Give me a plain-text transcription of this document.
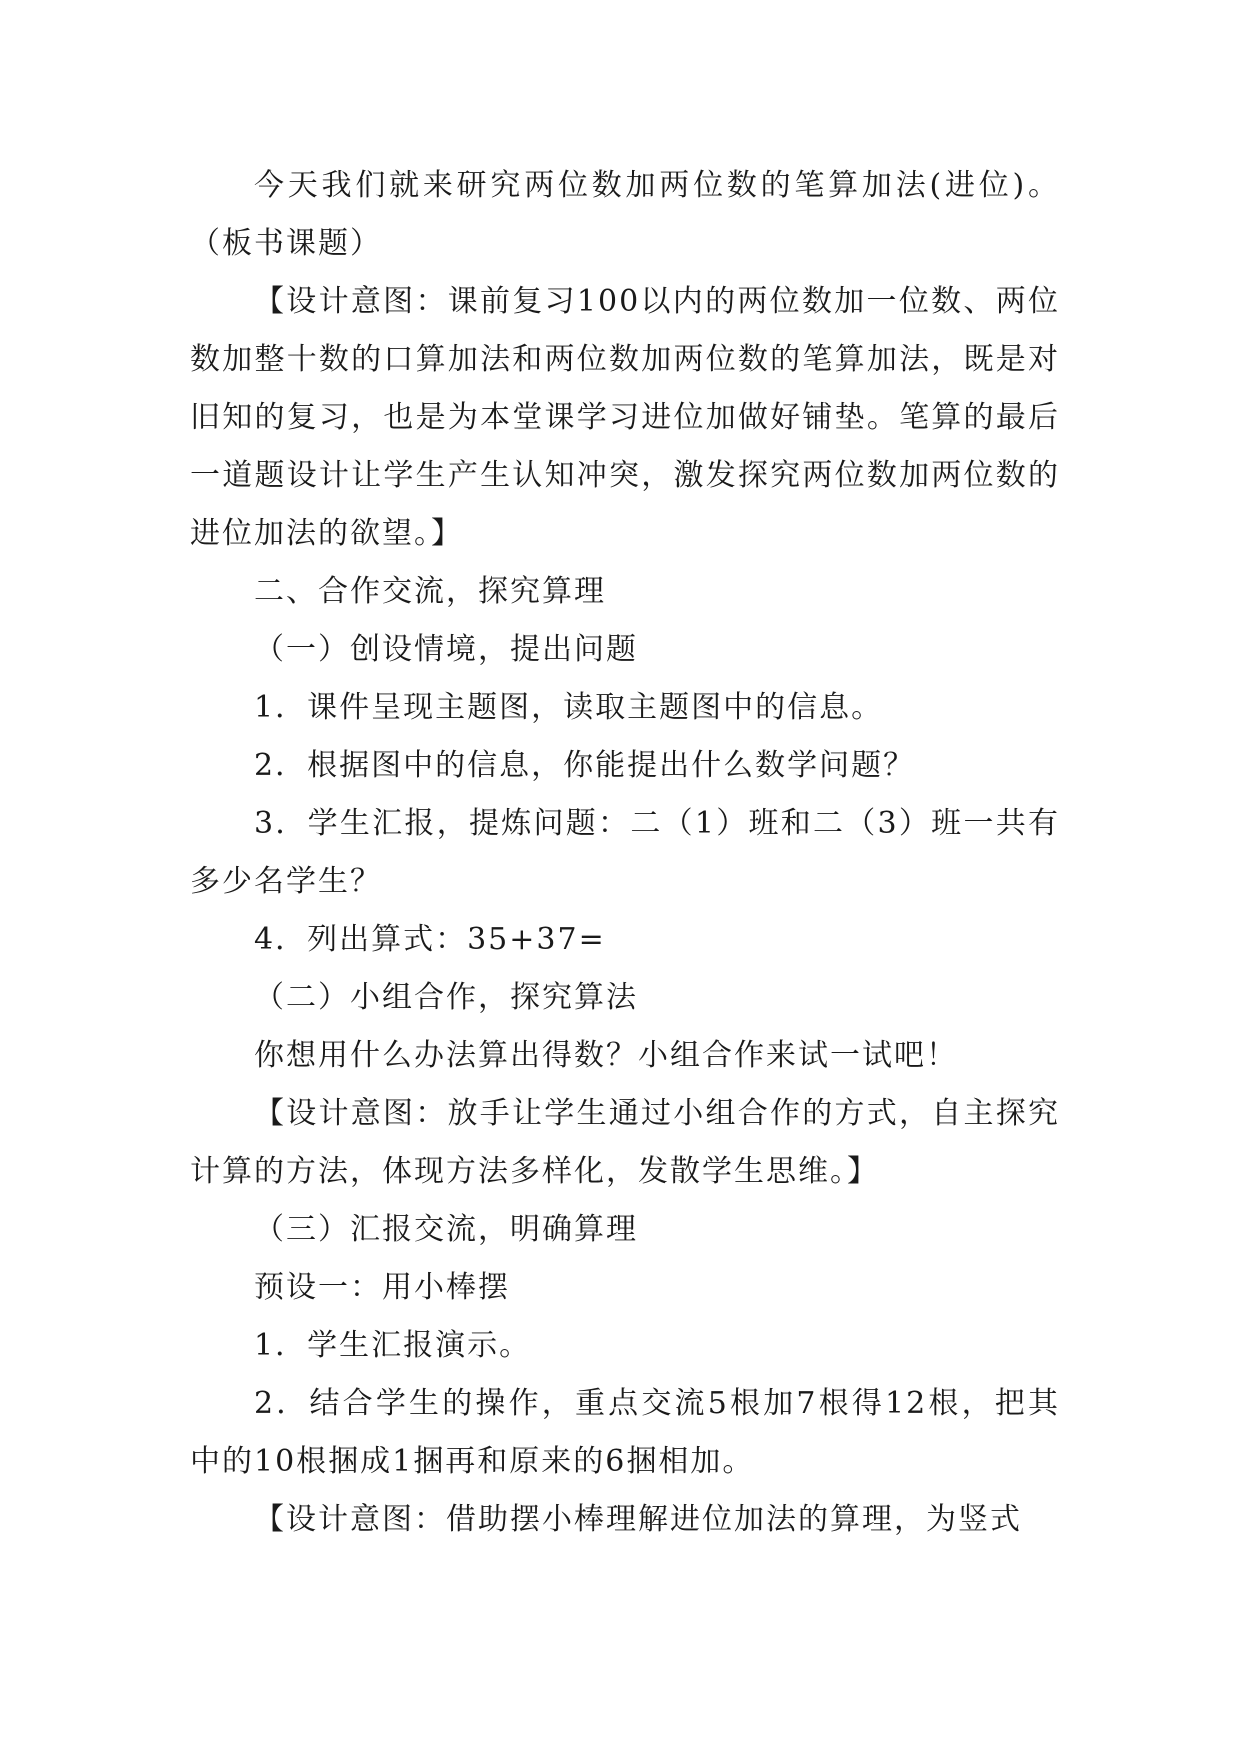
今天我们就来研究两位数加两位数的笔算加法(进位)。（板书课题）

【设计意图：课前复习100以内的两位数加一位数、两位数加整十数的口算加法和两位数加两位数的笔算加法，既是对旧知的复习，也是为本堂课学习进位加做好铺垫。笔算的最后一道题设计让学生产生认知冲突，激发探究两位数加两位数的进位加法的欲望。】

二、合作交流，探究算理

（一）创设情境，提出问题

1．课件呈现主题图，读取主题图中的信息。

2．根据图中的信息，你能提出什么数学问题？

3．学生汇报，提炼问题：二（1）班和二（3）班一共有多少名学生？

4．列出算式：35+37=

（二）小组合作，探究算法

你想用什么办法算出得数？小组合作来试一试吧！

【设计意图：放手让学生通过小组合作的方式，自主探究计算的方法，体现方法多样化，发散学生思维。】

（三）汇报交流，明确算理

预设一：用小棒摆

1．学生汇报演示。

2．结合学生的操作，重点交流5根加7根得12根，把其中的10根捆成1捆再和原来的6捆相加。

【设计意图：借助摆小棒理解进位加法的算理，为竖式
